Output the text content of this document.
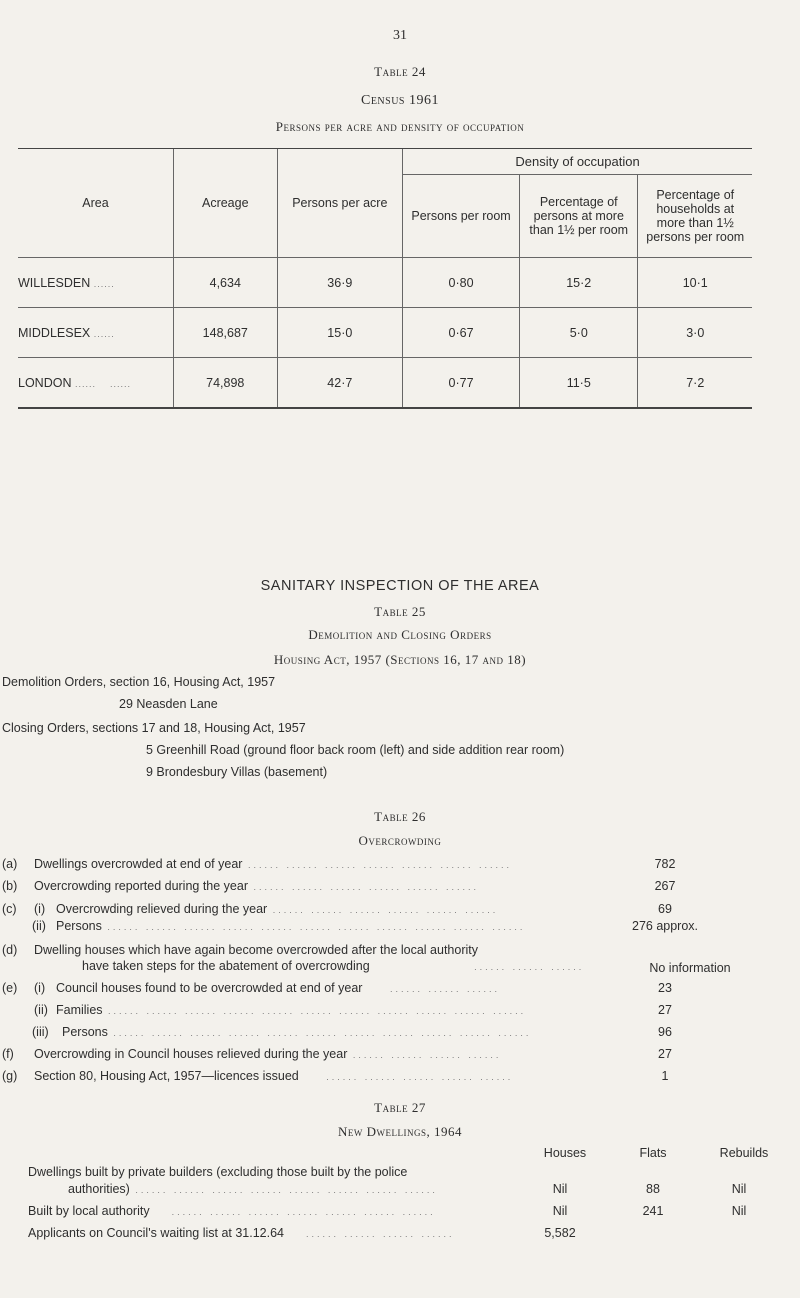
31
Table 24
Census 1961
Persons per acre and density of occupation
Area	Acreage	Persons per acre	Density of occupation		
			Persons per room	Percentage of persons at more than 1½ per room	Percentage of households at more than 1½ persons per room
WILLESDEN ......	4,634	36·9	0·80	15·2	10·1
MIDDLESEX ......	148,687	15·0	0·67	5·0	3·0
LONDON ......    ......	74,898	42·7	0·77	11·5	7·2
SANITARY INSPECTION OF THE AREA
Table 25
Demolition and Closing Orders
Housing Act, 1957 (Sections 16, 17 and 18)
Demolition Orders, section 16, Housing Act, 1957
29 Neasden Lane
Closing Orders, sections 17 and 18, Housing Act, 1957
5 Greenhill Road (ground floor back room (left) and side addition rear room)
9 Brondesbury Villas (basement)
Table 26
Overcrowding
(a) Dwellings overcrowded at end of year ...... ...... ...... ...... ...... ...... ......	782
(b) Overcrowding reported during the year ...... ...... ...... ...... ...... ......	267
(c) (i) Overcrowding relieved during the year ...... ...... ...... ...... ...... ......	69
(ii) Persons ...... ...... ...... ...... ...... ...... ...... ...... ...... ...... ......	276 approx.
(d) Dwelling houses which have again become overcrowded after the local authority
have taken steps for the abatement of overcrowding                   ...... ...... ......	No information
(e) (i) Council houses found to be overcrowded at end of year     ...... ...... ......	23
(ii) Families ...... ...... ...... ...... ...... ...... ...... ...... ...... ...... ......	27
(iii) Persons ...... ...... ...... ...... ...... ...... ...... ...... ...... ...... ......	96
(f) Overcrowding in Council houses relieved during the year ...... ...... ...... ......	27
(g) Section 80, Housing Act, 1957—licences issued     ...... ...... ...... ...... ......	1
Table 27
New Dwellings, 1964
Houses	Flats	Rebuilds
Dwellings built by private builders (excluding those built by the police
authorities) ...... ...... ...... ...... ...... ...... ...... ......	Nil	88	Nil
Built by local authority    ...... ...... ...... ...... ...... ...... ......	Nil	241	Nil
Applicants on Council's waiting list at 31.12.64    ...... ...... ...... ......	5,582
